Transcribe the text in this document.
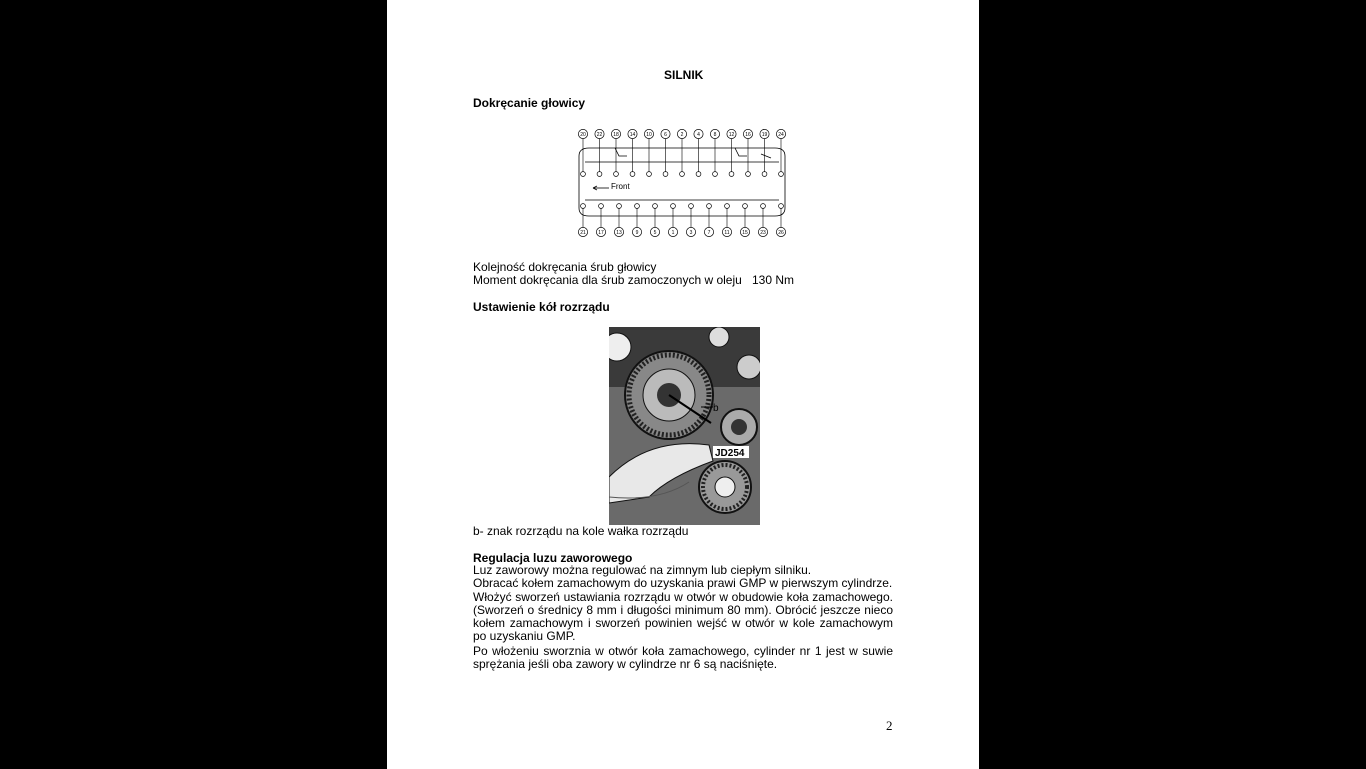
SILNIK
Dokręcanie głowicy
Front
20 22 18 14 10 6	2	4	8 12 16 19 24
21 17 13	9	5	1	3	7	11	15 23 26
Kolejność dokręcania śrub głowicy
Moment dokręcania dla śrub zamoczonych w oleju 130 Nm
Ustawienie kół rozrządu
b
JD254
b- znak rozrządu na kole wałka rozrządu
Regulacja luzu zaworowego
Luz zaworowy można regulować na zimnym lub ciepłym silniku.
Obracać kołem zamachowym do uzyskania prawi GMP w pierwszym cylindrze.
Włożyć sworzeń ustawiania rozrządu w otwór w obudowie koła zamachowego. (Sworzeń o średnicy 8 mm i długości minimum 80 mm). Obrócić jeszcze nieco kołem zamachowym i sworzeń powinien wejść w otwór w kole zamachowym po uzyskaniu GMP.
Po włożeniu sworznia w otwór koła zamachowego, cylinder nr 1 jest w suwie sprężania jeśli oba zawory w cylindrze nr 6 są naciśnięte.
2
